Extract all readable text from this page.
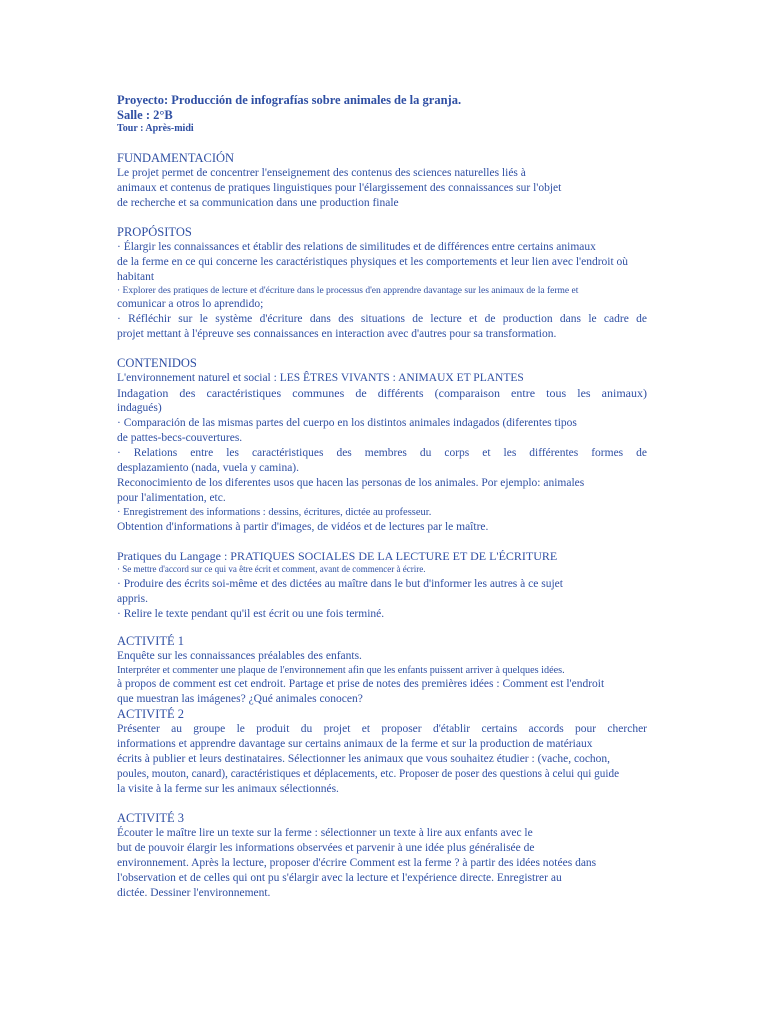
Proyecto: Producción de infografías sobre animales de la granja.

Salle : 2°B

Tour : Après-midi

FUNDAMENTACIÓN

Le projet permet de concentrer l'enseignement des contenus des sciences naturelles liés à

animaux et contenus de pratiques linguistiques pour l'élargissement des connaissances sur l'objet

de recherche et sa communication dans une production finale

PROPÓSITOS

· Élargir les connaissances et établir des relations de similitudes et de différences entre certains animaux

de la ferme en ce qui concerne les caractéristiques physiques et les comportements et leur lien avec l'endroit où

habitant

· Explorer des pratiques de lecture et d'écriture dans le processus d'en apprendre davantage sur les animaux de la ferme et

comunicar a otros lo aprendido;

· Réfléchir sur le système d'écriture dans des situations de lecture et de production dans le cadre de

projet mettant à l'épreuve ses connaissances en interaction avec d'autres pour sa transformation.

CONTENIDOS

L'environnement naturel et social : LES ÊTRES VIVANTS : ANIMAUX ET PLANTES

Indagation des caractéristiques communes de différents (comparaison entre tous les animaux)

indagués)

· Comparación de las mismas partes del cuerpo en los distintos animales indagados (diferentes tipos

de pattes-becs-couvertures.

· Relations entre les caractéristiques des membres du corps et les différentes formes de

desplazamiento (nada, vuela y camina).

Reconocimiento de los diferentes usos que hacen las personas de los animales. Por ejemplo: animales

pour l'alimentation, etc.

· Enregistrement des informations : dessins, écritures, dictée au professeur.

Obtention d'informations à partir d'images, de vidéos et de lectures par le maître.

Pratiques du Langage : PRATIQUES SOCIALES DE LA LECTURE ET DE L'ÉCRITURE

· Se mettre d'accord sur ce qui va être écrit et comment, avant de commencer à écrire.

· Produire des écrits soi-même et des dictées au maître dans le but d'informer les autres à ce sujet

appris.

· Relire le texte pendant qu'il est écrit ou une fois terminé.

ACTIVITÉ 1

Enquête sur les connaissances préalables des enfants.

Interpréter et commenter une plaque de l'environnement afin que les enfants puissent arriver à quelques idées.

à propos de comment est cet endroit. Partage et prise de notes des premières idées : Comment est l'endroit

que muestran las imágenes? ¿Qué animales conocen?

ACTIVITÉ 2

Présenter au groupe le produit du projet et proposer d'établir certains accords pour chercher

informations et apprendre davantage sur certains animaux de la ferme et sur la production de matériaux

écrits à publier et leurs destinataires. Sélectionner les animaux que vous souhaitez étudier : (vache, cochon,

poules, mouton, canard), caractéristiques et déplacements, etc. Proposer de poser des questions à celui qui guide

la visite à la ferme sur les animaux sélectionnés.

ACTIVITÉ 3

Écouter le maître lire un texte sur la ferme : sélectionner un texte à lire aux enfants avec le

but de pouvoir élargir les informations observées et parvenir à une idée plus généralisée de

environnement. Après la lecture, proposer d'écrire Comment est la ferme ? à partir des idées notées dans

l'observation et de celles qui ont pu s'élargir avec la lecture et l'expérience directe. Enregistrer au

dictée. Dessiner l'environnement.
